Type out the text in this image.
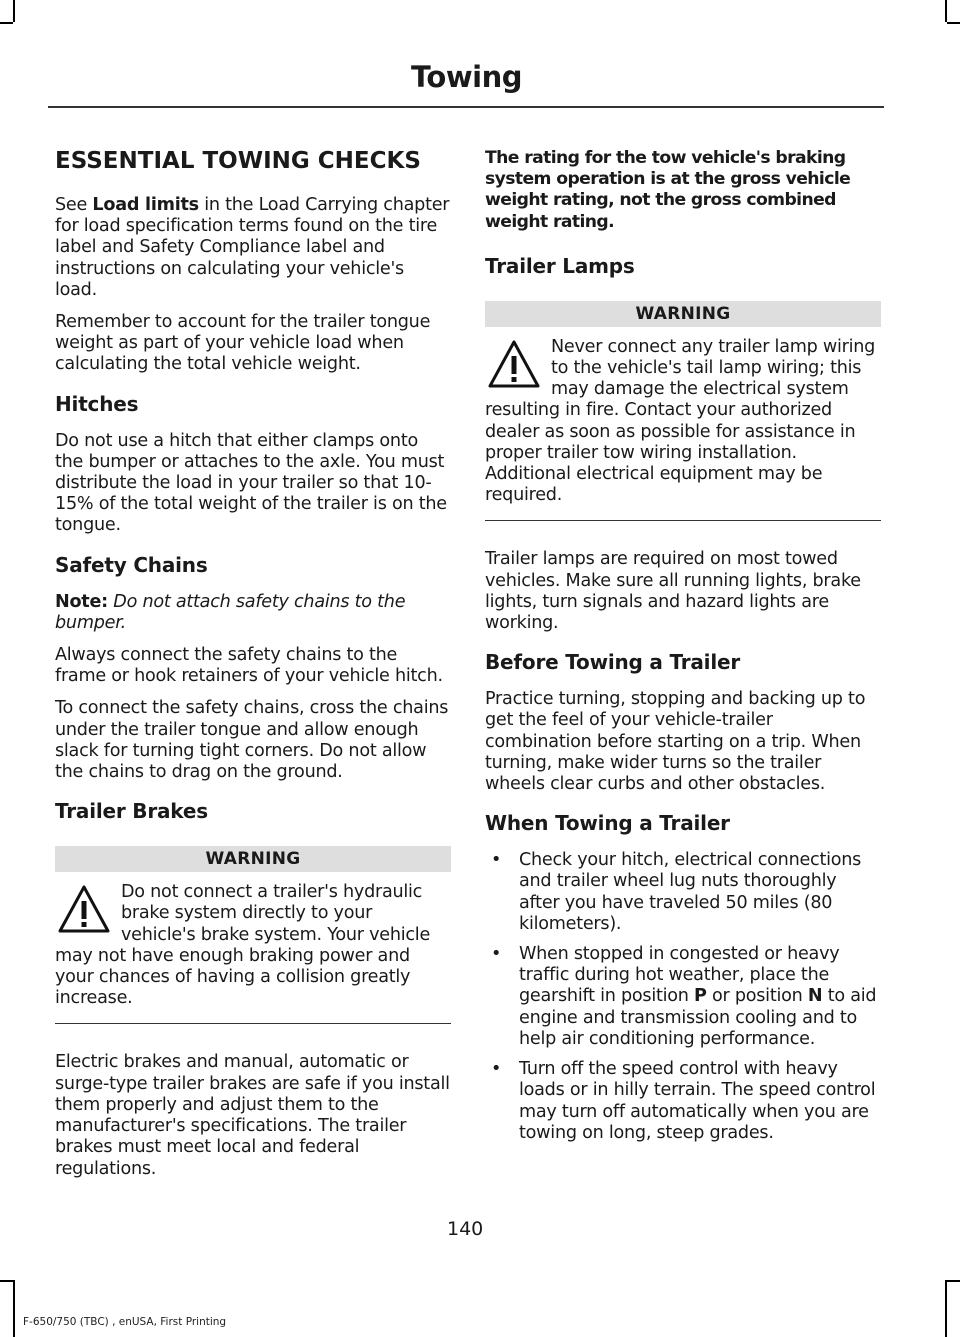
Towing
ESSENTIAL TOWING CHECKS

See Load limits in the Load Carrying chapter for load specification terms found on the tire label and Safety Compliance label and instructions on calculating your vehicle's load.

Remember to account for the trailer tongue weight as part of your vehicle load when calculating the total vehicle weight.

Hitches

Do not use a hitch that either clamps onto the bumper or attaches to the axle. You must distribute the load in your trailer so that 10-15% of the total weight of the trailer is on the tongue.

Safety Chains

Note: Do not attach safety chains to the bumper.

Always connect the safety chains to the frame or hook retainers of your vehicle hitch.

To connect the safety chains, cross the chains under the trailer tongue and allow enough slack for turning tight corners. Do not allow the chains to drag on the ground.

Trailer Brakes
WARNING

Do not connect a trailer's hydraulic brake system directly to your vehicle's brake system. Your vehicle may not have enough braking power and your chances of having a collision greatly increase.

Electric brakes and manual, automatic or surge-type trailer brakes are safe if you install them properly and adjust them to the manufacturer's specifications. The trailer brakes must meet local and federal regulations.

The rating for the tow vehicle's braking system operation is at the gross vehicle weight rating, not the gross combined weight rating.

Trailer Lamps
WARNING

Never connect any trailer lamp wiring to the vehicle's tail lamp wiring; this may damage the electrical system resulting in fire. Contact your authorized dealer as soon as possible for assistance in proper trailer tow wiring installation. Additional electrical equipment may be required.

Trailer lamps are required on most towed vehicles. Make sure all running lights, brake lights, turn signals and hazard lights are working.

Before Towing a Trailer

Practice turning, stopping and backing up to get the feel of your vehicle-trailer combination before starting on a trip. When turning, make wider turns so the trailer wheels clear curbs and other obstacles.

When Towing a Trailer
• Check your hitch, electrical connections and trailer wheel lug nuts thoroughly after you have traveled 50 miles (80 kilometers).
• When stopped in congested or heavy traffic during hot weather, place the gearshift in position P or position N to aid engine and transmission cooling and to help air conditioning performance.
• Turn off the speed control with heavy loads or in hilly terrain. The speed control may turn off automatically when you are towing on long, steep grades.
140
F-650/750 (TBC) , enUSA, First Printing
